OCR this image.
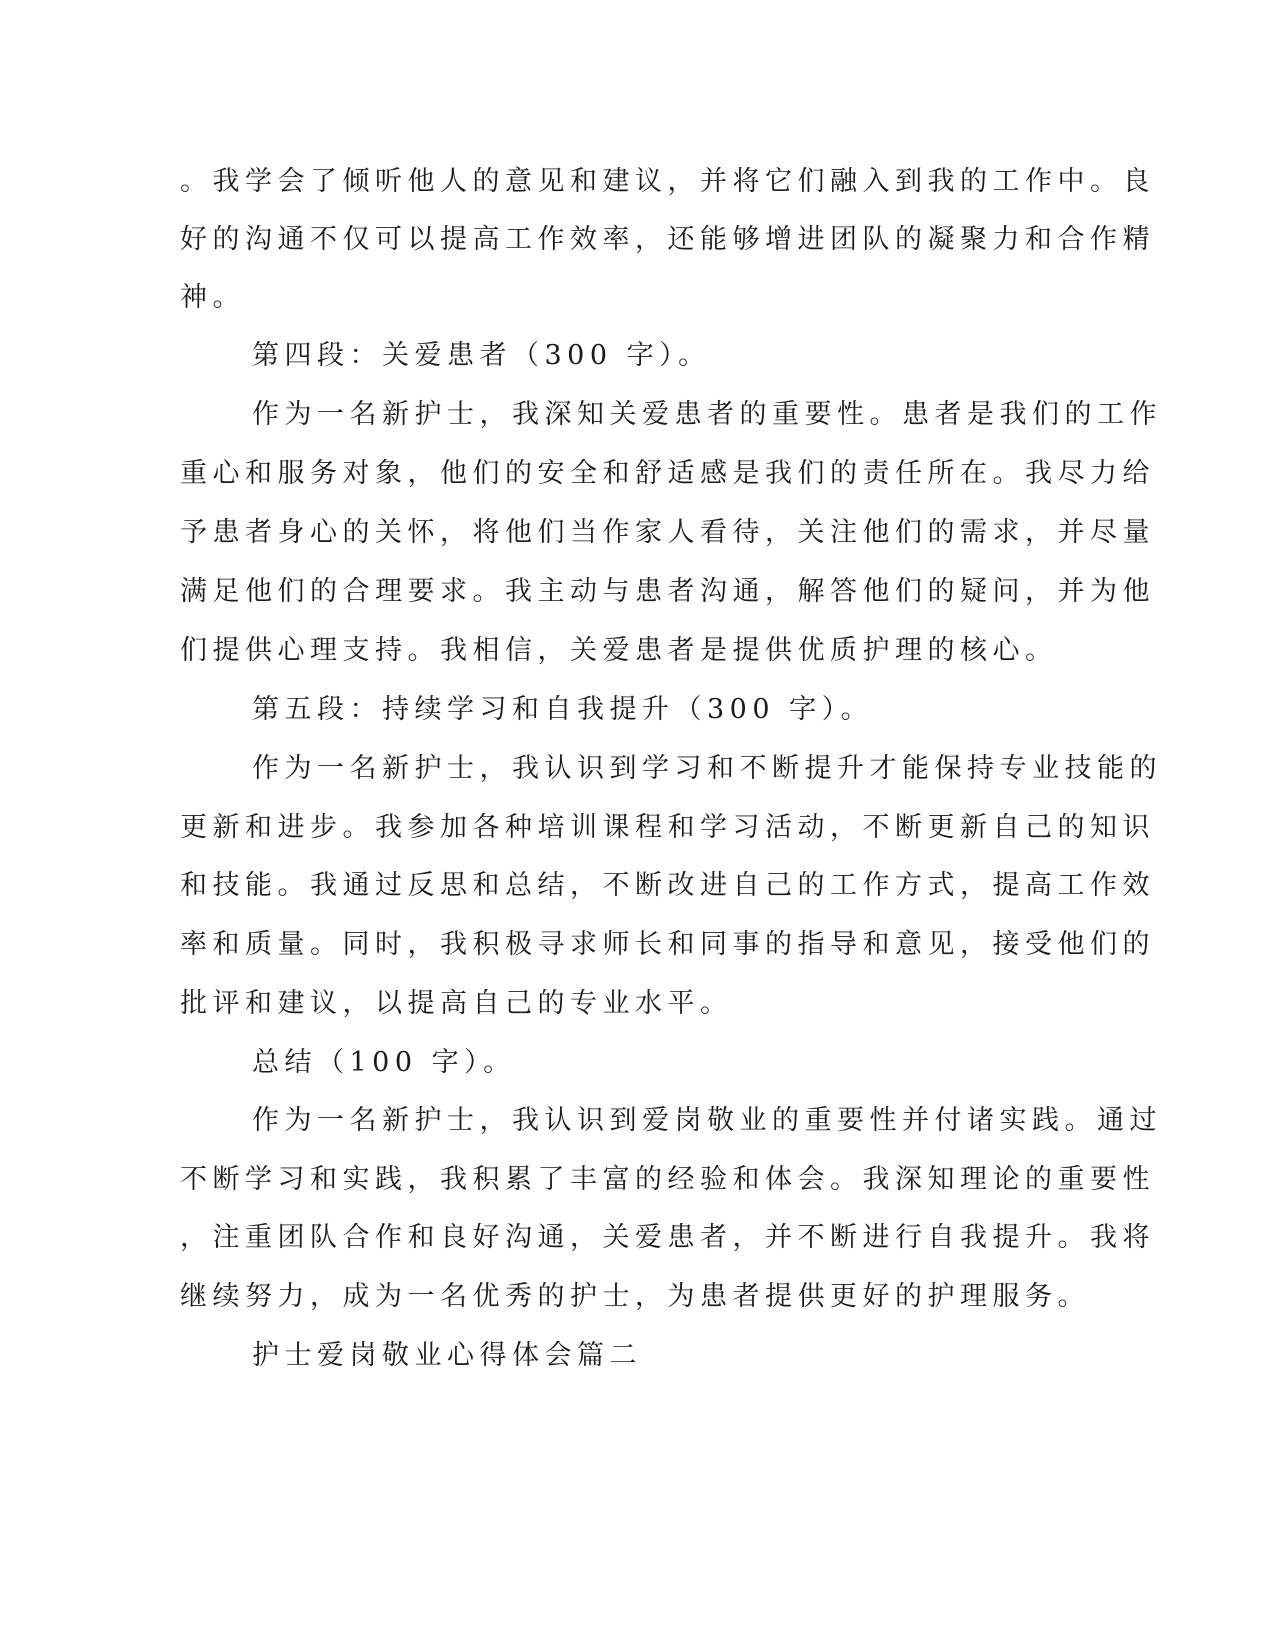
。我学会了倾听他人的意见和建议，并将它们融入到我的工作中。良
好的沟通不仅可以提高工作效率，还能够增进团队的凝聚力和合作精
神。
第四段：关爱患者（300 字）。
作为一名新护士，我深知关爱患者的重要性。患者是我们的工作
重心和服务对象，他们的安全和舒适感是我们的责任所在。我尽力给
予患者身心的关怀，将他们当作家人看待，关注他们的需求，并尽量
满足他们的合理要求。我主动与患者沟通，解答他们的疑问，并为他
们提供心理支持。我相信，关爱患者是提供优质护理的核心。
第五段：持续学习和自我提升（300 字）。
作为一名新护士，我认识到学习和不断提升才能保持专业技能的
更新和进步。我参加各种培训课程和学习活动，不断更新自己的知识
和技能。我通过反思和总结，不断改进自己的工作方式，提高工作效
率和质量。同时，我积极寻求师长和同事的指导和意见，接受他们的
批评和建议，以提高自己的专业水平。
总结（100 字）。
作为一名新护士，我认识到爱岗敬业的重要性并付诸实践。通过
不断学习和实践，我积累了丰富的经验和体会。我深知理论的重要性
，注重团队合作和良好沟通，关爱患者，并不断进行自我提升。我将
继续努力，成为一名优秀的护士，为患者提供更好的护理服务。
护士爱岗敬业心得体会篇二
